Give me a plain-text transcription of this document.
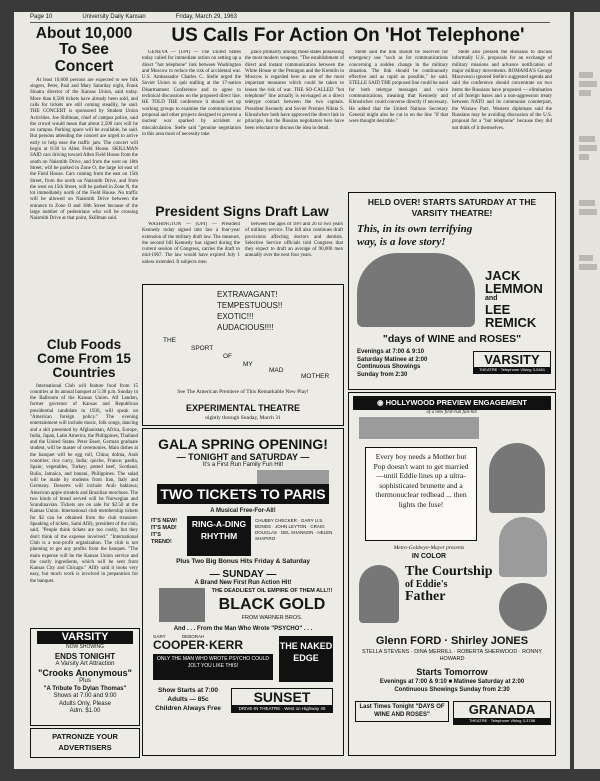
Page 10	University Daily Kansan	Friday, March 29, 1963
About 10,000 To See Concert

At least 10,000 persons are expected to see folk singers, Peter, Paul and Mary Saturday night, Frank Sinatra director of the Kansas Union, said today. More than 8,500 tickets have already been sold, and calls for tickets are still coming steadily, he said. THE CONCERT is sponsored by Student Union Activities. Joe Shillman, chief of campus police, said the crowd would mean that about 2,500 cars will be on campus. Parking space will be available, he said. But persons attending the concert are urged to arrive early to help ease the traffic jam. The concert will begin at 8:30 in Allen Field House. SKILLMAN SAID cars driving toward Allen Field House from the south on Naismith Drive, and from the west on 18th Street, will be parked in Zone O, the large lot east of the Field House. Cars coming from the east on 15th Street, from the north on Naismith Drive, and from the west on 15th Street, will be parked in Zone N, the lot immediately north of the Field House. No traffic will be allowed on Naismith Drive between the entrance to Zone O and 18th Street because of the large number of pedestrians who will be crossing Naismith Drive at that point, Skillman said.

Club Foods Come From 15 Countries

International Club will feature food from 15 countries at its annual banquet at 5:30 p.m. Sunday in the Ballroom of the Kansas Union. Alf Landon, former governor of Kansas and Republican presidential candidate in 1936, will speak on "American foreign policy." The evening entertainment will include music, folk songs, dancing and a skit presented by Afghanistan, Africa, Europe, India, Japan, Latin America, the Philippines, Thailand and the United States. Peter Esser, German graduate student, will be master of ceremonies. Main dishes at the banquet will be egg roll, China; dolma, Arab countries; rice curry, India; quiche, France; paella, Spain; vegetables, Turkey; potted beef, Scotland; Bulla, Jamaica, and banani, Philippines. The salad will be made by students from Iran, Italy and Germany. Desserts will include Arab baklawa; American apple strudels and Brazilian merchoes. The two kinds of bread served will be Norwegian and Scandinavian. Tickets are on sale for $2.50 at the Kansas Union. International club membership tickets for $2 can be obtained from the club treasurer. Speaking of tickets, Sami Afify, president of the club, said, "People think tickets are too costly, but they don't think of the expense involved." "International Club is a non-profit organization. The club is not planning to get any profits from the banquet. "The main expense will be the Kansas Union service and the costly ingredients, which will be sent from Kansas City and Chicago." Afify said it looks very easy, but much work is involved in preparation for the banquet.

VARSITY
NOW SHOWING
ENDS TONIGHT
A Varsity Art Attraction
"Crooks Anonymous"
Plus
"A Tribute To Dylan Thomas"
Shows at 7:00 and 9:00
Adults Only, Please
Adm. $1.00
PATRONIZE YOUR ADVERTISERS
US Calls For Action On 'Hot Telephone'

GENEVA — (UPI) — The United States today called for immediate action on setting up a direct "hot telephone" link between Washington and Moscow to reduce the risk of accidental war. U.S. Ambassador Charles C. Stelle urged the Soviet Union to quit stalling at the 17-nation Disarmament Conference and to agree to technical discussions on the proposed direct line. HE TOLD THE conference it should set up working groups to examine the communications proposal and other projects designed to prevent a nuclear war sparked by accident or miscalculation. Stelle said "genuine negotiation in this area must of necessity take

place primarily among those states possessing the most modern weapons. "The establishment of direct and instant communication between the White House or the Pentagon and the Kremlin in Moscow is regarded here as one of the most important measures which could be taken to lessen the risk of war. THE SO-CALLED "hot telephone" line actually is envisaged as a direct teletype contact between the two capitals. President Kennedy and Soviet Premier Nikita S. Khrushchev both have approved the direct link in principle, but the Russian negotiators here have been reluctant to discuss the idea in detail.

Stelle said the link should be reserved for emergency use "such as for communications concerning a sudden change in the military situation. The link should be continuously effective and as rapid as possible," he said. STELLE SAID THE proposed line could be used for both teletype messages and voice communications, meaning that Kennedy and Khrushchev could converse directly if necessary. He added that the United Nations Secretary General might also be cut in on the line "if that were thought desirable."

Stelle also pressed the Russians to discuss informally U.S. proposals for an exchange of military missions and advance notification of major military movements. ROMANIA'S George Macovescu ignored Stelle's suggested agenda and said the conference should concentrate on two items the Russians have proposed — elimination of all foreign bases and a non-aggression treaty between NATO and its communist counterpart, the Warsaw Pact. Western diplomats said the Russians may be avoiding discussion of the U.S. proposal for a "hot telephone" because they did not think of it themselves.

President Signs Draft Law

WASHINGTON — (UPI) — President Kennedy today signed into law a four-year extension of the military draft law. The measure, the second bill Kennedy has signed during the current session of Congress, carries the draft to mid-1967. The law would have expired July 1 unless extended. It subjects men

between the ages of 18½ and 26 to two years of military service. The bill also continues draft provisions affecting doctors and dentists. Selective Service officials told Congress that they expect to draft an average of 90,000 men annually over the next four years.

EXTRAVAGANT!
TEMPESTUOUS!!
EXOTIC!!!
AUDACIOUS!!!!
THE
SPORT
OF
MY
MAD
MOTHER
See The American Premiere of This Remarkable New Play!
EXPERIMENTAL THEATRE
nightly through Sunday, March 31
GALA SPRING OPENING!
— TONIGHT and SATURDAY —
It's a First Run Family Fun Hit!
TWO TICKETS TO PARIS
A Musical Free-For-All!
IT'S NEW! IT'S MAD! IT'S TREND!
RING-A-DING RHYTHM
CHUBBY CHECKER · GARY U.S. BONDS · JOHN LEYTON · CRAIG DOUGLAS · DEL SHANNON · HELEN SHAPIRO
Plus Two Big Bonus Hits Friday & Saturday
— SUNDAY —
A Brand New First Run Action Hit!
THE DEADLIEST OIL EMPIRE OF THEM ALL!!!
BLACK GOLD
FROM WARNER BROS.
And . . . From the Man Who Wrote "PSYCHO" . . .
GARY	DEBORAH
COOPER·KERR
ONLY THE MAN WHO WROTE PSYCHO COULD JOLT YOU LIKE THIS!
THE NAKED EDGE
Show Starts at 7:00
Adults — 85c
Children Always Free
SUNSET
DRIVE-IN THEATRE · West on Highway 40
HELD OVER! STARTS SATURDAY AT THE VARSITY THEATRE!
This, in its own terrifying way, is a love story!
JACK
LEMMON
and
LEE
REMICK
"days of WINE and ROSES"
Evenings at 7:00 & 9:10
Saturday Matinee at 2:00
Continuous Showings
Sunday from 2:30
VARSITY
THEATRE · Telephone VIking 3-0461
◉ HOLLYWOOD PREVIEW ENGAGEMENT
of a new first-run fun-hit!
Every boy needs a Mother but Pop doesn't want to get married—until Eddie lines up a ultra-sophisticated brunette and a thermonuclear redhead ... then lights the fuse!
Metro-Goldwyn-Mayer presents
IN COLOR
The Courtship
of Eddie's
Father
Glenn FORD · Shirley JONES
STELLA STEVENS · DINA MERRILL · ROBERTA SHERWOOD · RONNY HOWARD
Starts Tomorrow
Evenings at 7:00 & 9:10 ■ Matinee Saturday at 2:00
Continuous Showings Sunday from 2:30
Last Times Tonight "DAYS OF WINE AND ROSES"	GRANADA
THEATRE · Telephone VIking 3-3788
